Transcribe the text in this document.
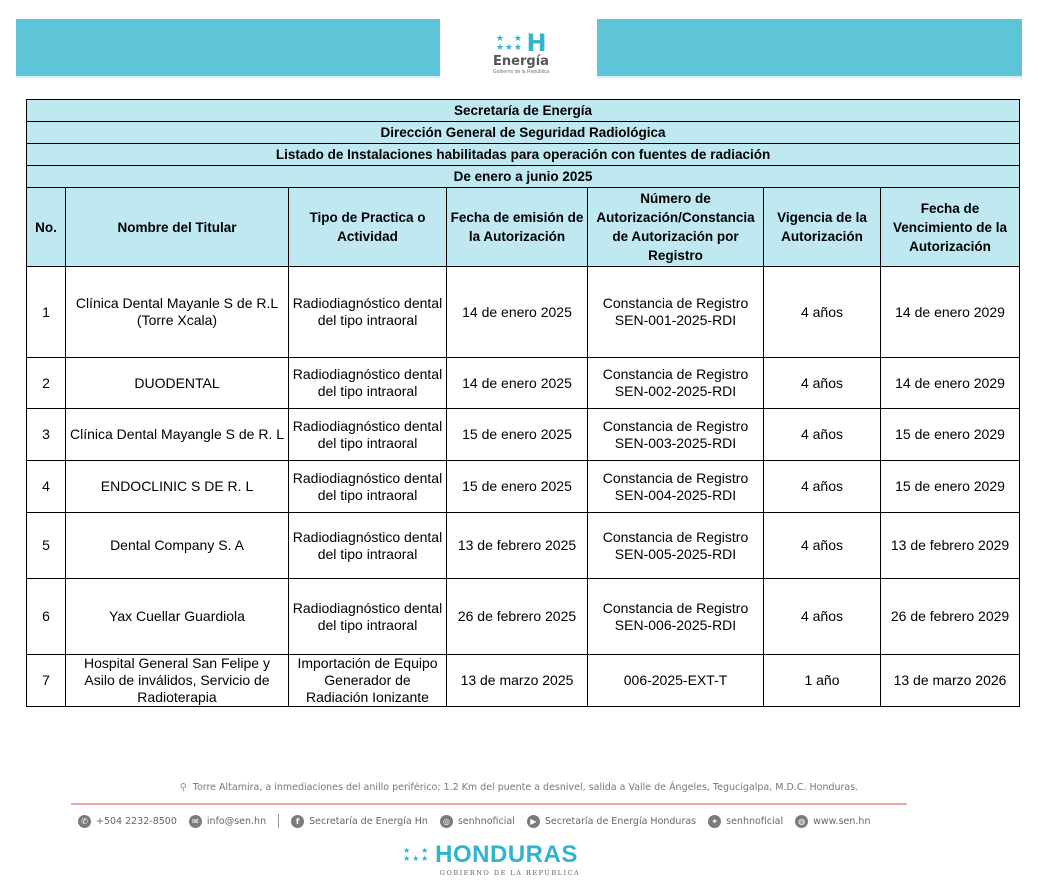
★ ★
★ ★ ★ H
Energía
Gobierno de la República
Secretaría de Energía						
Dirección General de Seguridad Radiológica						
Listado de Instalaciones habilitadas para operación con fuentes de radiación						
De enero a junio 2025						
No.	Nombre del Titular	Tipo de Practica o Actividad	Fecha de emisión de la Autorización	Número de Autorización/Constancia de Autorización por Registro	Vigencia de la Autorización	Fecha de Vencimiento de la Autorización
1	Clínica Dental Mayanle S de R.L (Torre Xcala)	Radiodiagnóstico dental del tipo intraoral	14 de enero 2025	Constancia de Registro SEN-001-2025-RDI	4 años	14 de enero 2029
2	DUODENTAL	Radiodiagnóstico dental del tipo intraoral	14 de enero 2025	Constancia de Registro SEN-002-2025-RDI	4 años	14 de enero 2029
3	Clínica Dental Mayangle S de R. L	Radiodiagnóstico dental del tipo intraoral	15 de enero 2025	Constancia de Registro SEN-003-2025-RDI	4 años	15 de enero 2029
4	ENDOCLINIC S DE R. L	Radiodiagnóstico dental del tipo intraoral	15 de enero 2025	Constancia de Registro SEN-004-2025-RDI	4 años	15 de enero 2029
5	Dental Company S. A	Radiodiagnóstico dental del tipo intraoral	13 de febrero 2025	Constancia de Registro SEN-005-2025-RDI	4 años	13 de febrero 2029
6	Yax Cuellar Guardiola	Radiodiagnóstico dental del tipo intraoral	26 de febrero 2025	Constancia de Registro SEN-006-2025-RDI	4 años	26 de febrero 2029
7	Hospital General San Felipe y Asilo de inválidos, Servicio de Radioterapia	Importación de Equipo Generador de Radiación Ionizante	13 de marzo 2025	006-2025-EXT-T	1 año	13 de marzo 2026
⚲ Torre Altamira, a inmediaciones del anillo periférico; 1.2 Km del puente a desnivel, salida a Valle de Ángeles, Tegucigalpa, M.D.C. Honduras.
✆ +504 2232-8500	✉ info@sen.hn	f	Secretaría de Energía Hn	◎ senhnoficial	▶ Secretaría de Energía Honduras	✦ senhnoficial	◍ www.sen.hn
★ ★
★ ★ ★ HONDURAS
GOBIERNO DE LA REPÚBLICA
